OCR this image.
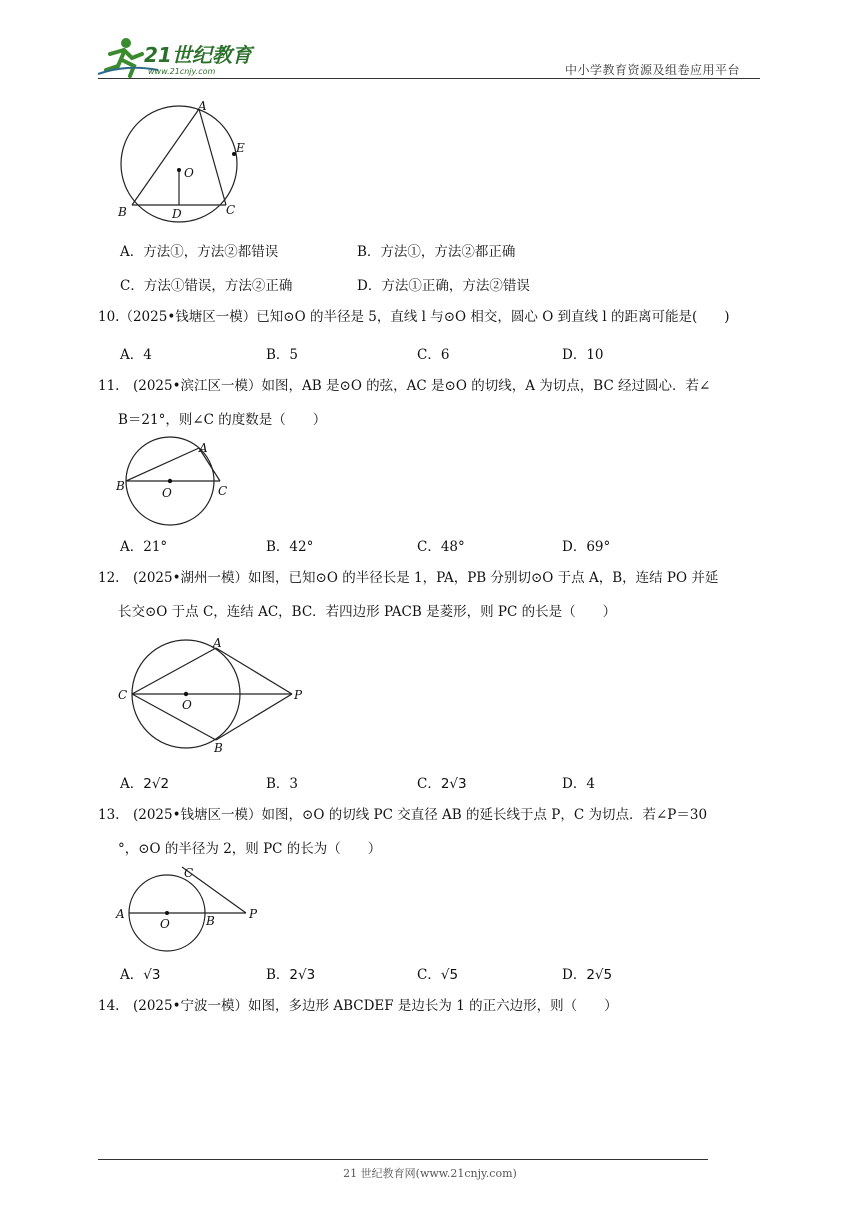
21世纪教育
www.21cnjy.com	中小学教育资源及组卷应用平台
A
E
O
B	D	C
A．方法①，方法②都错误	B．方法①，方法②都正确
C．方法①错误，方法②正确	D．方法①正确，方法②错误
10.（2025•钱塘区一模）已知⊙O 的半径是 5，直线 l 与⊙O 相交，圆心 O 到直线 l 的距离可能是(　　)
A．4	B．5	C．6	D．10
11.　(2025•滨江区一模）如图，AB 是⊙O 的弦，AC 是⊙O 的切线，A 为切点，BC 经过圆心．若∠
B＝21°，则∠C 的度数是（　　）
A
B	O	C
A．21°	B．42°	C．48°	D．69°
12.　(2025•湖州一模）如图，已知⊙O 的半径长是 1，PA，PB 分别切⊙O 于点 A，B，连结 PO 并延
长交⊙O 于点 C，连结 AC，BC．若四边形 PACB 是菱形，则 PC 的长是（　　）
A
C
O
P
B
A．2√2	B．3	C．2√3	D．4
13.　(2025•钱塘区一模）如图，⊙O 的切线 PC 交直径 AB 的延长线于点 P，C 为切点．若∠P＝30
°，⊙O 的半径为 2，则 PC 的长为（　　）
C
A
O	B	P
A．√3	B．2√3	C．√5	D．2√5
14.　(2025•宁波一模）如图，多边形 ABCDEF 是边长为 1 的正六边形，则（　　）
21 世纪教育网(www.21cnjy.com)
